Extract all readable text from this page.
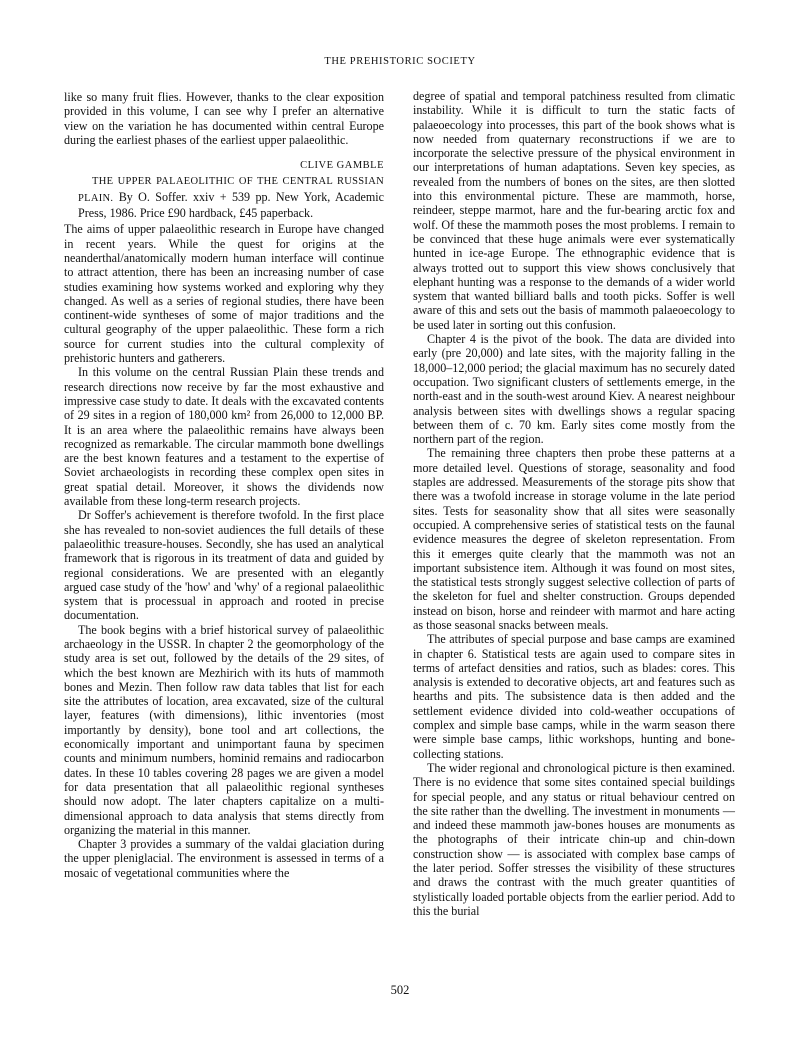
THE PREHISTORIC SOCIETY

like so many fruit flies. However, thanks to the clear exposition provided in this volume, I can see why I prefer an alternative view on the variation he has documented within central Europe during the earliest phases of the earliest upper palaeolithic.

CLIVE GAMBLE

THE UPPER PALAEOLITHIC OF THE CENTRAL RUSSIAN PLAIN. By O. Soffer. xxiv + 539 pp. New York, Academic Press, 1986. Price £90 hardback, £45 paperback.

The aims of upper palaeolithic research in Europe have changed in recent years. While the quest for origins at the neanderthal/anatomically modern human interface will continue to attract attention, there has been an increasing number of case studies examining how systems worked and exploring why they changed. As well as a series of regional studies, there have been continent-wide syntheses of some of major traditions and the cultural geography of the upper palaeolithic. These form a rich source for current studies into the cultural complexity of prehistoric hunters and gatherers.

In this volume on the central Russian Plain these trends and research directions now receive by far the most exhaustive and impressive case study to date. It deals with the excavated contents of 29 sites in a region of 180,000 km² from 26,000 to 12,000 BP. It is an area where the palaeolithic remains have always been recognized as remarkable. The circular mammoth bone dwellings are the best known features and a testament to the expertise of Soviet archaeologists in recording these complex open sites in great spatial detail. Moreover, it shows the dividends now available from these long-term research projects.

Dr Soffer's achievement is therefore twofold. In the first place she has revealed to non-soviet audiences the full details of these palaeolithic treasure-houses. Secondly, she has used an analytical framework that is rigorous in its treatment of data and guided by regional considerations. We are presented with an elegantly argued case study of the 'how' and 'why' of a regional palaeolithic system that is processual in approach and rooted in precise documentation.

The book begins with a brief historical survey of palaeolithic archaeology in the USSR. In chapter 2 the geomorphology of the study area is set out, followed by the details of the 29 sites, of which the best known are Mezhirich with its huts of mammoth bones and Mezin. Then follow raw data tables that list for each site the attributes of location, area excavated, size of the cultural layer, features (with dimensions), lithic inventories (most importantly by density), bone tool and art collections, the economically important and unimportant fauna by specimen counts and minimum numbers, hominid remains and radiocarbon dates. In these 10 tables covering 28 pages we are given a model for data presentation that all palaeolithic regional syntheses should now adopt. The later chapters capitalize on a multi-dimensional approach to data analysis that stems directly from organizing the material in this manner.

Chapter 3 provides a summary of the valdai glaciation during the upper pleniglacial. The environment is assessed in terms of a mosaic of vegetational communities where the

degree of spatial and temporal patchiness resulted from climatic instability. While it is difficult to turn the static facts of palaeoecology into processes, this part of the book shows what is now needed from quaternary reconstructions if we are to incorporate the selective pressure of the physical environment in our interpretations of human adaptations. Seven key species, as revealed from the numbers of bones on the sites, are then slotted into this environmental picture. These are mammoth, horse, reindeer, steppe marmot, hare and the fur-bearing arctic fox and wolf. Of these the mammoth poses the most problems. I remain to be convinced that these huge animals were ever systematically hunted in ice-age Europe. The ethnographic evidence that is always trotted out to support this view shows conclusively that elephant hunting was a response to the demands of a wider world system that wanted billiard balls and tooth picks. Soffer is well aware of this and sets out the basis of mammoth palaeoecology to be used later in sorting out this confusion.

Chapter 4 is the pivot of the book. The data are divided into early (pre 20,000) and late sites, with the majority falling in the 18,000–12,000 period; the glacial maximum has no securely dated occupation. Two significant clusters of settlements emerge, in the north-east and in the south-west around Kiev. A nearest neighbour analysis between sites with dwellings shows a regular spacing between them of c. 70 km. Early sites come mostly from the northern part of the region.

The remaining three chapters then probe these patterns at a more detailed level. Questions of storage, seasonality and food staples are addressed. Measurements of the storage pits show that there was a twofold increase in storage volume in the late period sites. Tests for seasonality show that all sites were seasonally occupied. A comprehensive series of statistical tests on the faunal evidence measures the degree of skeleton representation. From this it emerges quite clearly that the mammoth was not an important subsistence item. Although it was found on most sites, the statistical tests strongly suggest selective collection of parts of the skeleton for fuel and shelter construction. Groups depended instead on bison, horse and reindeer with marmot and hare acting as those seasonal snacks between meals.

The attributes of special purpose and base camps are examined in chapter 6. Statistical tests are again used to compare sites in terms of artefact densities and ratios, such as blades: cores. This analysis is extended to decorative objects, art and features such as hearths and pits. The subsistence data is then added and the settlement evidence divided into cold-weather occupations of complex and simple base camps, while in the warm season there were simple base camps, lithic workshops, hunting and bone-collecting stations.

The wider regional and chronological picture is then examined. There is no evidence that some sites contained special buildings for special people, and any status or ritual behaviour centred on the site rather than the dwelling. The investment in monuments — and indeed these mammoth jaw-bones houses are monuments as the photographs of their intricate chin-up and chin-down construction show — is associated with complex base camps of the later period. Soffer stresses the visibility of these structures and draws the contrast with the much greater quantities of stylistically loaded portable objects from the earlier period. Add to this the burial

502
